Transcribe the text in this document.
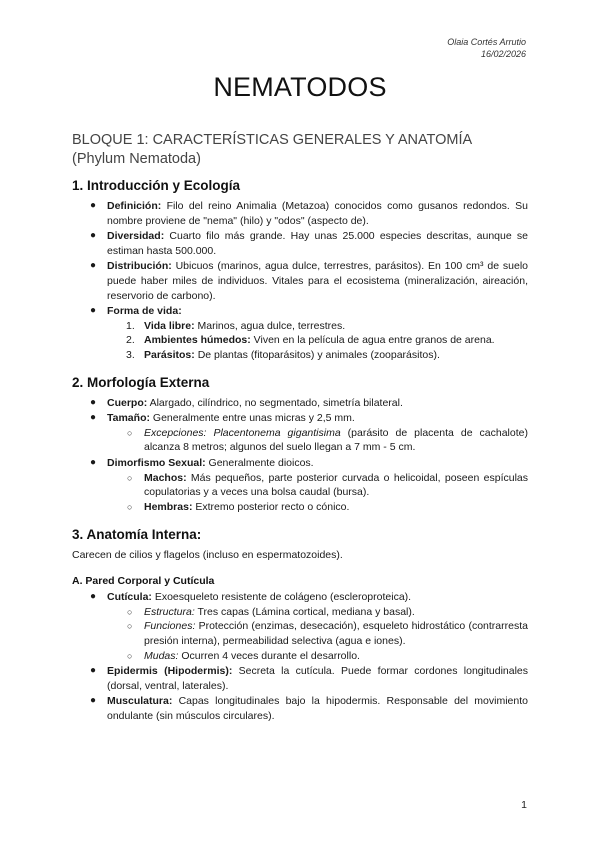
Olaia Cortés Arrutio
16/02/2026
NEMATODOS
BLOQUE 1: CARACTERÍSTICAS GENERALES Y ANATOMÍA (Phylum Nematoda)
1. Introducción y Ecología
● Definición: Filo del reino Animalia (Metazoa) conocidos como gusanos redondos. Su nombre proviene de "nema" (hilo) y "odos" (aspecto de).
● Diversidad: Cuarto filo más grande. Hay unas 25.000 especies descritas, aunque se estiman hasta 500.000.
● Distribución: Ubicuos (marinos, agua dulce, terrestres, parásitos). En 100 cm³ de suelo puede haber miles de individuos. Vitales para el ecosistema (mineralización, aireación, reservorio de carbono).
● Forma de vida:
1. Vida libre: Marinos, agua dulce, terrestres.
2. Ambientes húmedos: Viven en la película de agua entre granos de arena.
3. Parásitos: De plantas (fitoparásitos) y animales (zooparásitos).
2. Morfología Externa
● Cuerpo: Alargado, cilíndrico, no segmentado, simetría bilateral.
● Tamaño: Generalmente entre unas micras y 2,5 mm.
○ Excepciones: Placentonema gigantisima (parásito de placenta de cachalote) alcanza 8 metros; algunos del suelo llegan a 7 mm - 5 cm.
● Dimorfismo Sexual: Generalmente dioicos.
○ Machos: Más pequeños, parte posterior curvada o helicoidal, poseen espículas copulatorias y a veces una bolsa caudal (bursa).
○ Hembras: Extremo posterior recto o cónico.
3. Anatomía Interna:

Carecen de cilios y flagelos (incluso en espermatozoides).

A. Pared Corporal y Cutícula
● Cutícula: Exoesqueleto resistente de colágeno (escleroproteica).
○ Estructura: Tres capas (Lámina cortical, mediana y basal).
○ Funciones: Protección (enzimas, desecación), esqueleto hidrostático (contrarresta presión interna), permeabilidad selectiva (agua e iones).
○ Mudas: Ocurren 4 veces durante el desarrollo.
● Epidermis (Hipodermis): Secreta la cutícula. Puede formar cordones longitudinales (dorsal, ventral, laterales).
● Musculatura: Capas longitudinales bajo la hipodermis. Responsable del movimiento ondulante (sin músculos circulares).
1
